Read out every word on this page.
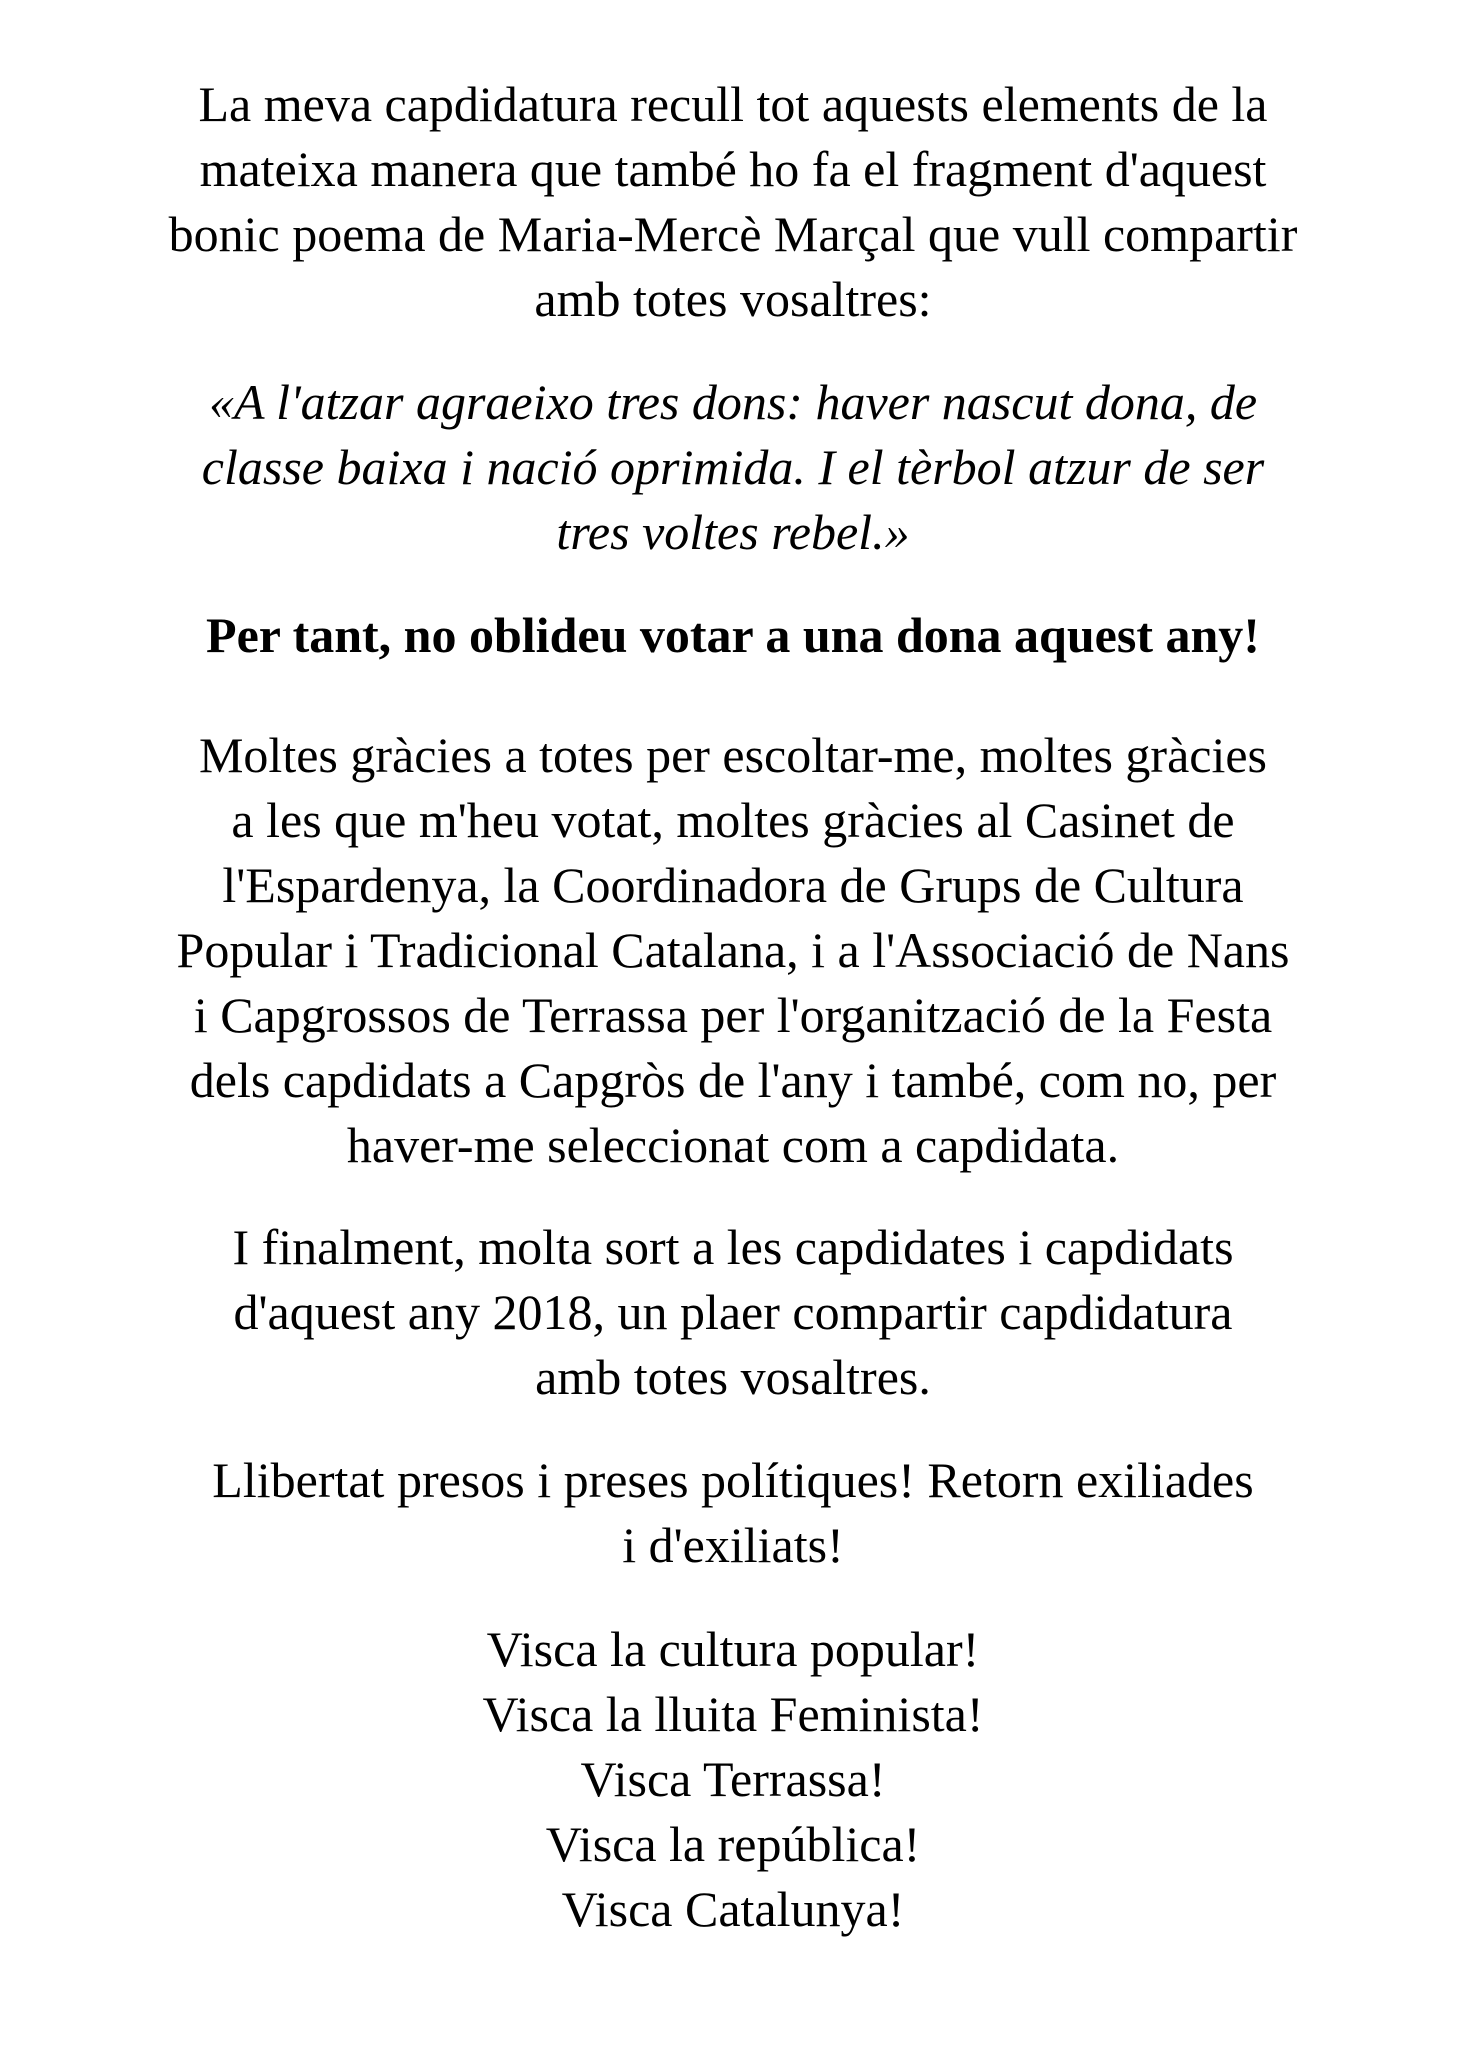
La meva capdidatura recull tot aquests elements de la
mateixa manera que també ho fa el fragment d'aquest
bonic poema de Maria-Mercè Marçal que vull compartir
amb totes vosaltres:

«A l'atzar agraeixo tres dons: haver nascut dona, de
classe baixa i nació oprimida. I el tèrbol atzur de ser
tres voltes rebel.»

Per tant, no oblideu votar a una dona aquest any!

Moltes gràcies a totes per escoltar-me, moltes gràcies
a les que m'heu votat, moltes gràcies al Casinet de
l'Espardenya, la Coordinadora de Grups de Cultura
Popular i Tradicional Catalana, i a l'Associació de Nans
i Capgrossos de Terrassa per l'organització de la Festa
dels capdidats a Capgròs de l'any i també, com no, per
haver-me seleccionat com a capdidata.

I finalment, molta sort a les capdidates i capdidats
d'aquest any 2018, un plaer compartir capdidatura
amb totes vosaltres.

Llibertat presos i preses polítiques! Retorn exiliades
i d'exiliats!

Visca la cultura popular!
Visca la lluita Feminista!
Visca Terrassa!
Visca la república!
Visca Catalunya!
